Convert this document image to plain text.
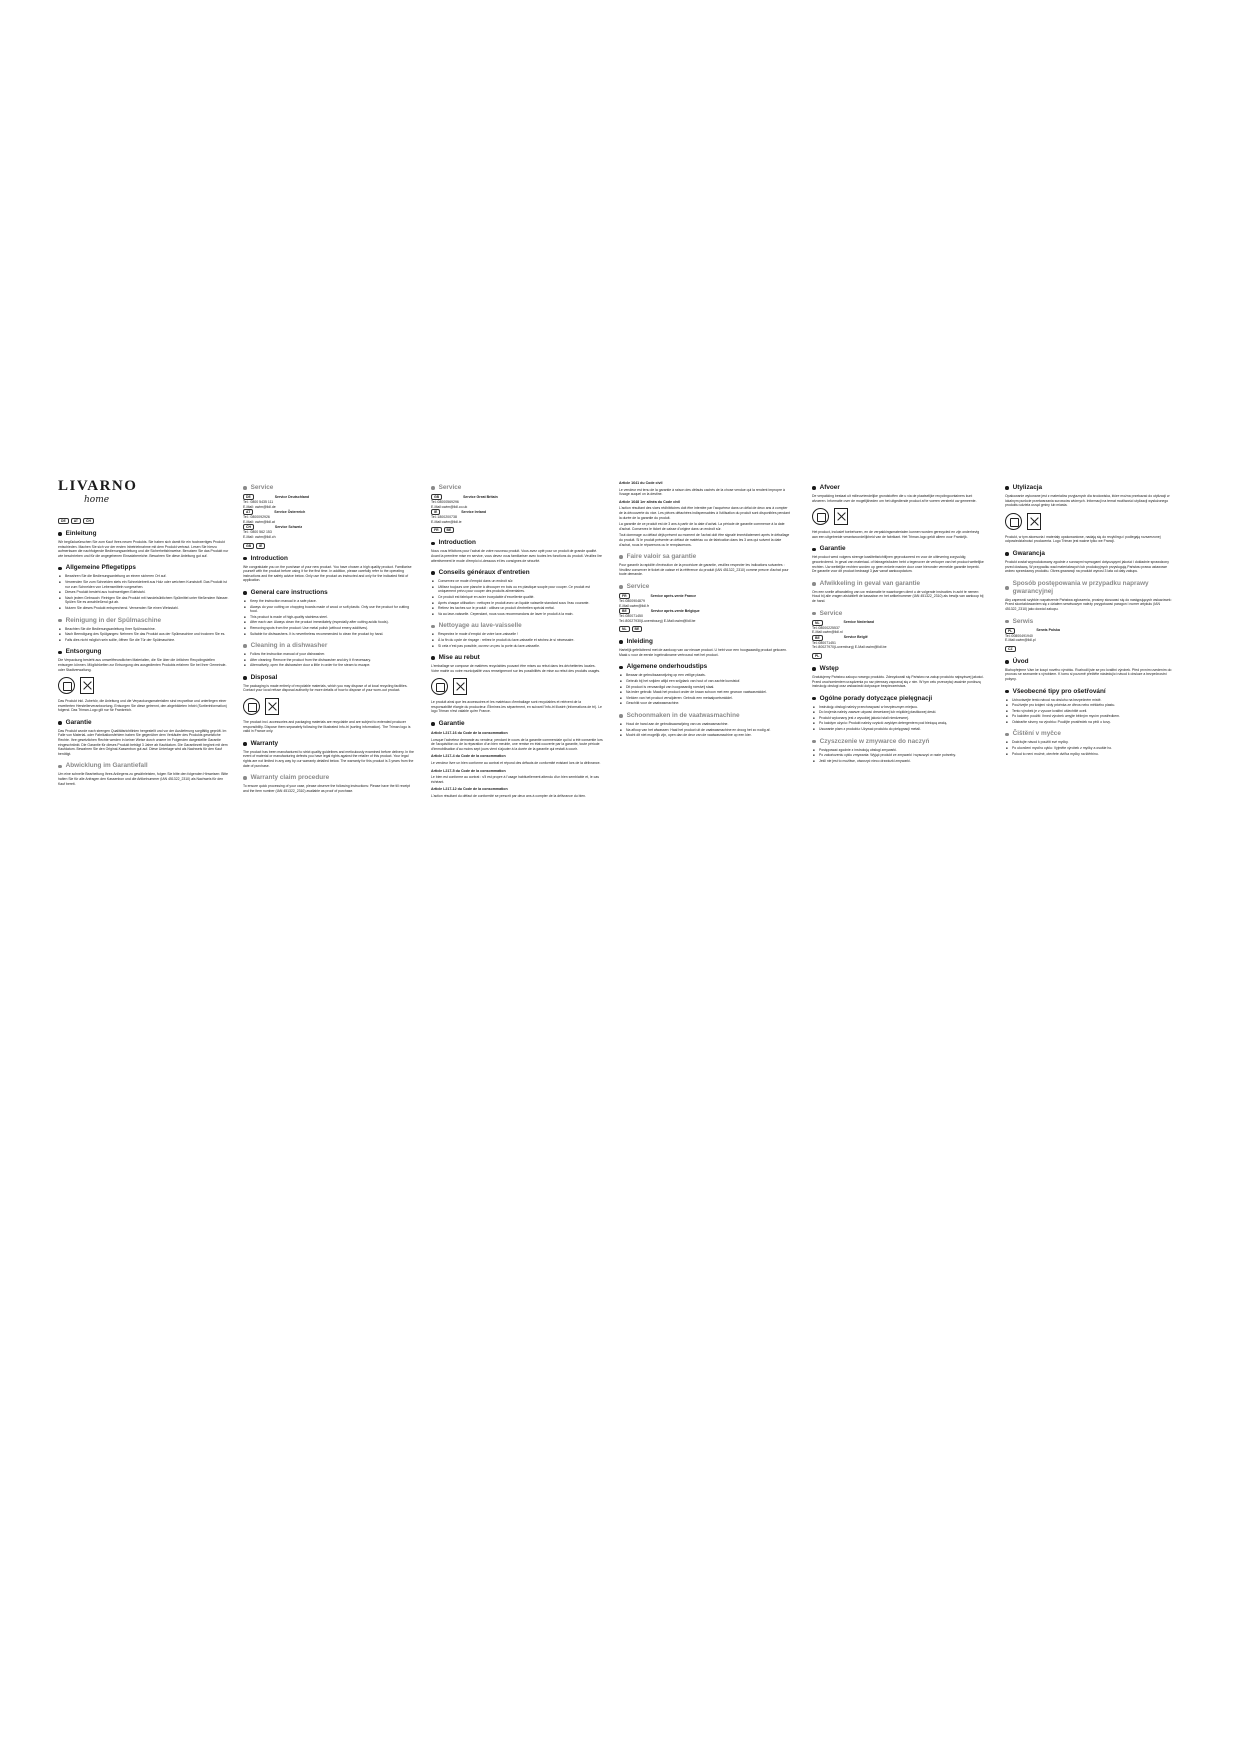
LIVARNO
home
DE	AT	CH
Einleitung
Wir beglückwünschen Sie zum Kauf Ihres neuen Produkts. Sie haben sich damit für ein hochwertiges Produkt entschieden. Machen Sie sich vor der ersten Inbetriebnahme mit dem Produkt vertraut. Lesen Sie hierzu aufmerksam die nachfolgende Bedienungsanleitung und die Sicherheitshinweise. Benutzen Sie das Produkt nur wie beschrieben und für die angegebenen Einsatzbereiche. Bewahren Sie diese Anleitung gut auf.
Allgemeine Pflegetipps
■ Bewahren Sie die Bedienungsanleitung an einem sicheren Ort auf.
■ Verwenden Sie zum Schneiden stets ein Schneidebrett aus Holz oder weichem Kunststoff. Das Produkt ist nur zum Schneiden von Lebensmitteln vorgesehen.
■ Dieses Produkt besteht aus hochwertigem Edelstahl.
■ Nach jedem Gebrauch: Reinigen Sie das Produkt mit handelsüblichem Spülmittel unter fließendem Wasser. Spülen Sie es anschließend gut ab.
■ Nutzen Sie dieses Produkt entsprechend. Verwenden Sie einen Wetzstahl.
Reinigung in der Spülmaschine
■ Beachten Sie die Bedienungsanleitung Ihrer Spülmaschine.
■ Nach Beendigung des Spülganges: Nehmen Sie das Produkt aus der Spülmaschine und trocknen Sie es.
■ Falls dies nicht möglich sein sollte, öffnen Sie die Tür der Spülmaschine.
Entsorgung
Die Verpackung besteht aus umweltfreundlichen Materialien, die Sie über die örtlichen Recyclingstellen entsorgen können. Möglichkeiten zur Entsorgung des ausgedienten Produkts erfahren Sie bei Ihrer Gemeinde- oder Stadtverwaltung.
Das Produkt inkl. Zubehör, die Anleitung und die Verpackungsmaterialien sind recycelbar und unterliegen einer erweiterten Herstellerverantwortung. Entsorgen Sie diese getrennt, den abgebildeten Infotri (Sortierinformation) folgend. Das Triman-Logo gilt nur für Frankreich.
Garantie
Das Produkt wurde nach strengen Qualitätsrichtlinien hergestellt und vor der Auslieferung sorgfältig geprüft. Im Falle von Material- oder Fabrikationsfehlern haben Sie gegenüber dem Verkäufer des Produkts gesetzliche Rechte. Ihre gesetzlichen Rechte werden in keiner Weise durch unsere im Folgenden dargestellte Garantie eingeschränkt. Die Garantie für dieses Produkt beträgt 3 Jahre ab Kaufdatum. Die Garantiezeit beginnt mit dem Kaufdatum. Bewahren Sie den Original-Kassenbon gut auf. Diese Unterlage wird als Nachweis für den Kauf benötigt.
Abwicklung im Garantiefall
Um eine schnelle Bearbeitung Ihres Anliegens zu gewährleisten, folgen Sie bitte den folgenden Hinweisen: Bitte halten Sie für alle Anfragen den Kassenbon und die Artikelnummer (IAN 451322_2310) als Nachweis für den Kauf bereit.
Service
DE	Service Deutschland
Tel.: 0800 5435 111
E-Mail: owim@lidl.de
AT	Service Österreich
Tel.: 0800092926
E-Mail: owim@lidl.at
CH	Service Schweiz
Tel.: 0800 562 153
E-Mail: owim@lidl.ch
GB	IE
Introduction
We congratulate you on the purchase of your new product. You have chosen a high quality product. Familiarise yourself with the product before using it for the first time. In addition, please carefully refer to the operating instructions and the safety advice below. Only use the product as instructed and only for the indicated field of application.
General care instructions
■ Keep the instruction manual in a safe place.
■ Always do your cutting on chopping boards made of wood or soft plastic. Only use the product for cutting food.
■ This product is made of high-quality stainless steel.
■ After each use: Always clean the product immediately (especially after cutting acidic foods).
■ Removing spots from the product: Use metal polish (without emery additives).
■ Suitable for dishwashers. It is nevertheless recommended to clean the product by hand.
Cleaning in a dishwasher
■ Follow the instruction manual of your dishwasher.
■ After cleaning: Remove the product from the dishwasher and dry it if necessary.
■ Alternatively, open the dishwasher door a little in order for the steam to escape.
Disposal
The packaging is made entirely of recyclable materials, which you may dispose of at local recycling facilities. Contact your local refuse disposal authority for more details of how to dispose of your worn-out product.
The product incl. accessories and packaging materials are recyclable and are subject to extended producer responsibility. Dispose them separately following the illustrated Info-tri (sorting information). The Triman logo is valid in France only.
Warranty
The product has been manufactured to strict quality guidelines and meticulously examined before delivery. In the event of material or manufacturing defects you have legal rights against the retailer of this product. Your legal rights are not limited in any way by our warranty detailed below. The warranty for this product is 3 years from the date of purchase.
Warranty claim procedure
To ensure quick processing of your case, please observe the following instructions: Please have the till receipt and the item number (IAN 451322_2310) available as proof of purchase.
Service
GB	Service Great Britain
Tel.:08000569296
E-Mail:owim@lidl.co.uk
IE	Service Ireland
Tel.:1800200738
E-Mail:owim@lidl.ie
FR	BE
Introduction
Nous vous félicitons pour l'achat de votre nouveau produit. Vous avez opté pour un produit de grande qualité. Avant la première mise en service, vous devez vous familiariser avec toutes les fonctions du produit. Veuillez lire attentivement le mode d'emploi ci-dessous et les consignes de sécurité.
Conseils généraux d'entretien
■ Conservez ce mode d'emploi dans un endroit sûr.
■ Utilisez toujours une planche à découper en bois ou en plastique souple pour couper. Ce produit est uniquement prévu pour couper des produits alimentaires.
■ Ce produit est fabriqué en acier inoxydable d'excellente qualité.
■ Après chaque utilisation : nettoyez le produit avec un liquide vaisselle standard sous l'eau courante.
■ Retirez les taches sur le produit : utilisez un produit d'entretien spécial métal.
■ Va au lave-vaisselle. Cependant, nous vous recommandons de laver le produit à la main.
Nettoyage au lave-vaisselle
■ Respectez le mode d'emploi de votre lave-vaisselle !
■ À la fin du cycle de rinçage : retirez le produit du lave-vaisselle et séchez-le si nécessaire.
■ Si cela n'est pas possible, ouvrez un peu la porte du lave-vaisselle.
Mise au rebut
L'emballage se compose de matières recyclables pouvant être mises au rebut dans les déchetteries locales. Votre mairie ou votre municipalité vous renseigneront sur les possibilités de mise au rebut des produits usagés.
Le produit ainsi que les accessoires et les matériaux d'emballage sont recyclables et relèvent de la responsabilité élargie du producteur. Éliminez-les séparément, en suivant l'Info-tri illustré (informations de tri). Le logo Triman n'est valable qu'en France.
Garantie
Article L217-16 du Code de la consommation
Lorsque l'acheteur demande au vendeur, pendant le cours de la garantie commerciale qui lui a été consentie lors de l'acquisition ou de la réparation d'un bien meuble, une remise en état couverte par la garantie, toute période d'immobilisation d'au moins sept jours vient s'ajouter à la durée de la garantie qui restait à courir.
Article L217-4 du Code de la consommation
Le vendeur livre un bien conforme au contrat et répond des défauts de conformité existant lors de la délivrance.
Article L217-5 du Code de la consommation
Le bien est conforme au contrat : s'il est propre à l'usage habituellement attendu d'un bien semblable et, le cas échéant.
Article L217-12 du Code de la consommation
L'action résultant du défaut de conformité se prescrit par deux ans à compter de la délivrance du bien.
Article 1641 du Code civil
Le vendeur est tenu de la garantie à raison des défauts cachés de la chose vendue qui la rendent impropre à l'usage auquel on la destine.
Article 1648 1er alinéa du Code civil
L'action résultant des vices rédhibitoires doit être intentée par l'acquéreur dans un délai de deux ans à compter de la découverte du vice. Les pièces détachées indispensables à l'utilisation du produit sont disponibles pendant la durée de la garantie du produit.
La garantie de ce produit est de 3 ans à partir de la date d'achat. La période de garantie commence à la date d'achat. Conservez le ticket de caisse d'origine dans un endroit sûr.
Tout dommage ou défaut déjà présent au moment de l'achat doit être signalé immédiatement après le déballage du produit. Si le produit présente un défaut de matériau ou de fabrication dans les 3 ans qui suivent la date d'achat, nous le réparerons ou le remplacerons.
Faire valoir sa garantie
Pour garantir la rapidité d'exécution de la procédure de garantie, veuillez respecter les indications suivantes : Veuillez conserver le ticket de caisse et la référence du produit (IAN 451322_2310) comme preuve d'achat pour toute demande.
Service
FR	Service après-vente France
Tel.:0800904879
E-Mail:owim@lidl.fr
BE	Service après-vente Belgique
Tel.:080071450
Tel.:80027930(Luxembourg) E-Mail:owim@lidl.be
NL	BE
Inleiding
Hartelijk gefeliciteerd met de aankoop van uw nieuwe product. U hebt voor een hoogwaardig product gekozen. Maak u voor de eerste ingebruikname vertrouwd met het product.
Algemene onderhoudstips
■ Bewaar de gebruiksaanwijzing op een veilige plaats.
■ Gebruik bij het snijden altijd een snijplank van hout of van zachte kunststof.
■ Dit product is vervaardigd van hoogwaardig roestvrij staal.
■ Na ieder gebruik: Maak het product onder de kraan schoon met een gewoon vaatwasmiddel.
■ Vlekken van het product verwijderen: Gebruik een metaalpoetsmiddel.
■ Geschikt voor de vaatwasmachine.
Schoonmaken in de vaatwasmachine
■ Houd de hand aan de gebruiksaanwijzing van uw vaatwasmachine.
■ Na afloop van het afwassen: Haal het product uit de vaatwasmachine en droog het zo nodig af.
■ Mocht dit niet mogelijk zijn, open dan de deur van de vaatwasmachine op een kier.
Afvoer
De verpakking bestaat uit milieuvriendelijke grondstoffen die u via de plaatselijke recyclingcontainers kunt afvoeren. Informatie over de mogelijkheden om het uitgediende product af te voeren verstrekt uw gemeente.
Het product, inclusief toebehoren, en de verpakkingsmaterialen kunnen worden gerecycled en zijn onderhevig aan een uitgebreide verantwoordelijkheid van de fabrikant. Het Triman-logo geldt alleen voor Frankrijk.
Garantie
Het product werd volgens strenge kwaliteitsrichtlijnen geproduceerd en voor de uitlevering zorgvuldig gecontroleerd. In geval van materiaal- of fabrageisfouten hebt u tegenover de verkoper van het product wettelijke rechten. Uw wettelijke rechten worden op geen enkele manier door onze hieronder vermelde garantie beperkt. De garantie voor dit product bedraagt 3 jaar vanaf aankoopdatum.
Afwikkeling in geval van garantie
Om een snelle afhandeling van uw reclamatie te waarborgen dient u de volgende instructies in acht te nemen: Houd bij alle vragen alstublieft de kassabon en het artikelnummer (IAN 451322_2310) als bewijs van aankoop bij de hand.
Service
NL	Service Nederland
Tel.:08000225537
E-Mail:owim@lidl.nl
BE	Service België
Tel.:080071451
Tel.:80027970(Luxemburg) E-Mail:owim@lidl.be
PL
Wstęp
Gratulujemy Państwu zakupu nowego produktu. Zdecydowali się Państwo na zakup produktu najwyższej jakości. Przed uruchomieniem urządzenia po raz pierwszy zapoznaj się z nim. W tym celu przeczytaj uważnie poniższą instrukcję obsługi oraz wskazówki dotyczące bezpieczeństwa.
Ogólne porady dotyczące pielęgnacji
■ Instrukcję obsługi należy przechowywać w bezpiecznym miejscu.
■ Do krojenia należy zawsze używać drewnianej lub miękkiej plastikowej deski.
■ Produkt wykonany jest z wysokiej jakości stali nierdzewnej.
■ Po każdym użyciu: Produkt należy czyścić zwykłym detergentem pod bieżącą wodą.
■ Usuwanie plam z produktu: Używać produktu do pielęgnacji metali.
Czyszczenie w zmywarce do naczyń
■ Postępować zgodnie z instrukcją obsługi zmywarki.
■ Po zakończeniu cyklu zmywania: Wyjąć produkt ze zmywarki i wysuszyć w razie potrzeby.
■ Jeśli nie jest to możliwe, otworzyć nieco drzwiczki zmywarki.
Utylizacja
Opakowanie wykonane jest z materiałów przyjaznych dla środowiska, które można przekazać do utylizacji w lokalnym punkcie przetwarzania surowców wtórnych. Informacji na temat możliwości utylizacji wysłużonego produktu udziela urząd gminy lub miasta.
Produkt, w tym akcesoria i materiały opakowaniowe, nadają się do recyklingu i podlegają rozszerzonej odpowiedzialności producenta. Logo Triman jest ważne tylko we Francji.
Gwarancja
Produkt został wyprodukowany zgodnie z surowymi wymogami dotyczącymi jakości i dokładnie sprawdzony przed dostawą. W przypadku wad materiałowych lub produkcyjnych przysługują Państwu prawa ustawowe wobec sprzedawcy produktu. Okres gwarancji na produkt wynosi 3 lata od daty zakupu.
Sposób postępowania w przypadku naprawy gwarancyjnej
Aby zapewnić szybkie rozpatrzenie Państwa zgłoszenia, prosimy stosować się do następujących wskazówek: Przed skontaktowaniem się z działem serwisowym należy przygotować paragon i numer artykułu (IAN 451322_2310) jako dowód zakupu.
Serwis
PL	Serwis Polska
Tel.:00800491940
E-Mail:owim@lidl.pl
CZ
Úvod
Blahopřejeme Vám ke koupi nového výrobku. Rozhodli jste se pro kvalitní výrobek. Před prvním uvedením do provozu se seznamte s výrobkem. K tomu si pozorně přečtěte následující návod k obsluze a bezpečnostní pokyny.
Všeobecné tipy pro ošetřování
■ Uchovávejte tento návod na obsluhu na bezpečném místě.
■ Používejte pro krájení vždy prkénka ze dřeva nebo měkkého plastu.
■ Tento výrobek je z vysoce kvalitní ušlechtilé oceli.
■ Po každém použití: Ihned výrobek umyjte běžným mycím prostředkem.
■ Odstraňte skvrny na výrobku: Použijte prostředek na péči o kovy.
Čištění v myčce
■ Dodržujte návod k použití své myčky.
■ Po ukončení mycího cyklu: Vyjměte výrobek z myčky a osušte ho.
■ Pokud to není možné, otevřete dvířka myčky na štěrbinu.
